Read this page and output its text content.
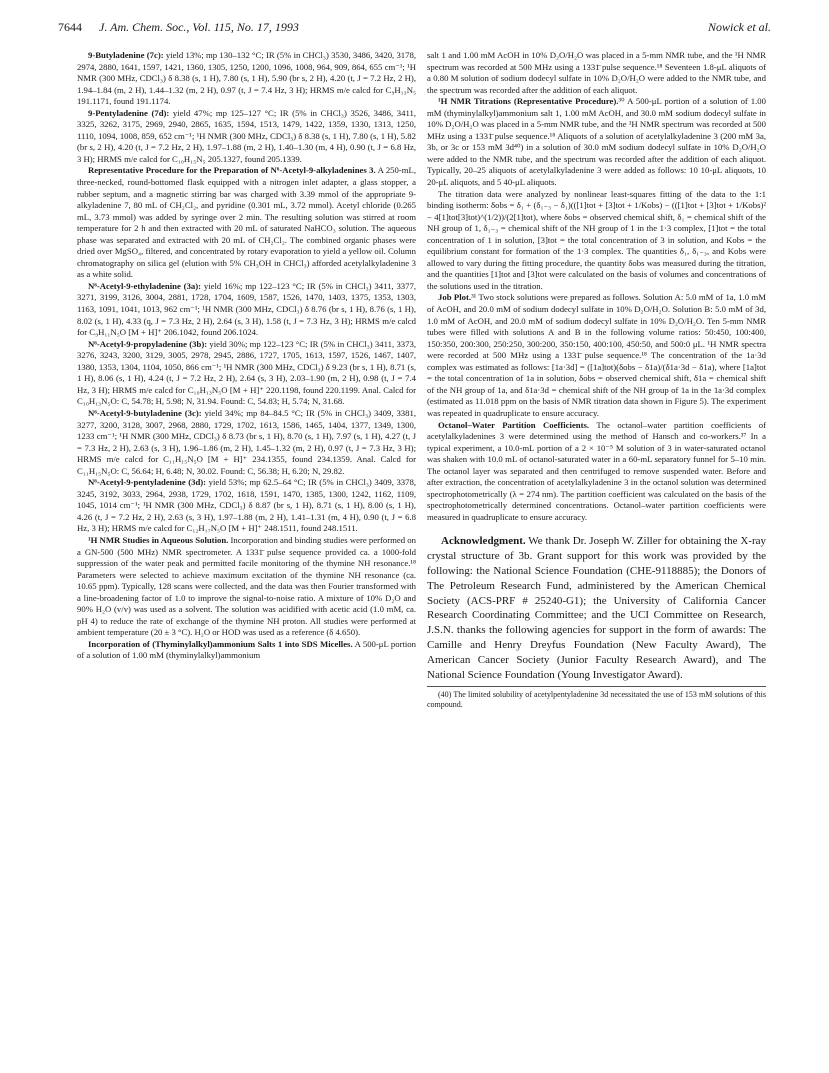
7644 J. Am. Chem. Soc., Vol. 115, No. 17, 1993	Nowick et al.

9-Butyladenine (7c): yield 13%; mp 130–132 °C; IR (5% in CHCl₃) 3530, 3486, 3420, 3178, 2974, 2880, 1641, 1597, 1421, 1360, 1305, 1250, 1200, 1096, 1008, 964, 909, 864, 655 cm⁻¹; ¹H NMR (300 MHz, CDCl₃) δ 8.38 (s, 1 H), 7.80 (s, 1 H), 5.90 (br s, 2 H), 4.20 (t, J = 7.2 Hz, 2 H), 1.94–1.84 (m, 2 H), 1.44–1.32 (m, 2 H), 0.97 (t, J = 7.4 Hz, 3 H); HRMS m/e calcd for C₉H₁₃N₅ 191.1171, found 191.1174.

9-Pentyladenine (7d): yield 47%; mp 125–127 °C; IR (5% in CHCl₃) 3526, 3486, 3411, 3325, 3262, 3175, 2969, 2940, 2865, 1635, 1594, 1513, 1479, 1422, 1359, 1330, 1313, 1250, 1110, 1094, 1008, 859, 652 cm⁻¹; ¹H NMR (300 MHz, CDCl₃) δ 8.38 (s, 1 H), 7.80 (s, 1 H), 5.82 (br s, 2 H), 4.20 (t, J = 7.2 Hz, 2 H), 1.97–1.88 (m, 2 H), 1.40–1.30 (m, 4 H), 0.90 (t, J = 6.8 Hz, 3 H); HRMS m/e calcd for C₁₀H₁₅N₅ 205.1327, found 205.1339.

Representative Procedure for the Preparation of N⁶-Acetyl-9-alkyladenines 3. A 250-mL, three-necked, round-bottomed flask equipped with a nitrogen inlet adapter, a glass stopper, a rubber septum, and a magnetic stirring bar was charged with 3.39 mmol of the appropriate 9-alkyladenine 7, 80 mL of CH₂Cl₂, and pyridine (0.301 mL, 3.72 mmol). Acetyl chloride (0.265 mL, 3.73 mmol) was added by syringe over 2 min. The resulting solution was stirred at room temperature for 2 h and then extracted with 20 mL of saturated NaHCO₃ solution. The aqueous phase was separated and extracted with 20 mL of CH₂Cl₂. The combined organic phases were dried over MgSO₄, filtered, and concentrated by rotary evaporation to yield a yellow oil. Column chromatography on silica gel (elution with 5% CH₃OH in CHCl₃) afforded acetylalkyladenine 3 as a white solid.

N⁶-Acetyl-9-ethyladenine (3a): yield 16%; mp 122–123 °C; IR (5% in CHCl₃) 3411, 3377, 3271, 3199, 3126, 3004, 2881, 1728, 1704, 1609, 1587, 1526, 1470, 1403, 1375, 1353, 1303, 1163, 1091, 1041, 1013, 962 cm⁻¹; ¹H NMR (300 MHz, CDCl₃) δ 8.76 (br s, 1 H), 8.76 (s, 1 H), 8.02 (s, 1 H), 4.33 (q, J = 7.3 Hz, 2 H), 2.64 (s, 3 H), 1.58 (t, J = 7.3 Hz, 3 H); HRMS m/e calcd for C₉H₁₁N₅O [M + H]⁺ 206.1042, found 206.1024.

N⁶-Acetyl-9-propyladenine (3b): yield 30%; mp 122–123 °C; IR (5% in CHCl₃) 3411, 3373, 3276, 3243, 3200, 3129, 3005, 2978, 2945, 2886, 1727, 1705, 1613, 1597, 1526, 1467, 1407, 1380, 1353, 1304, 1104, 1050, 866 cm⁻¹; ¹H NMR (300 MHz, CDCl₃) δ 9.23 (br s, 1 H), 8.71 (s, 1 H), 8.06 (s, 1 H), 4.24 (t, J = 7.2 Hz, 2 H), 2.64 (s, 3 H), 2.03–1.90 (m, 2 H), 0.98 (t, J = 7.4 Hz, 3 H); HRMS m/e calcd for C₁₀H₁₃N₅O [M + H]⁺ 220.1198, found 220.1199. Anal. Calcd for C₁₀H₁₃N₅O: C, 54.78; H, 5.98; N, 31.94. Found: C, 54.83; H, 5.74; N, 31.68.

N⁶-Acetyl-9-butyladenine (3c): yield 34%; mp 84–84.5 °C; IR (5% in CHCl₃) 3409, 3381, 3277, 3200, 3128, 3007, 2968, 2880, 1729, 1702, 1613, 1586, 1465, 1404, 1377, 1349, 1300, 1233 cm⁻¹; ¹H NMR (300 MHz, CDCl₃) δ 8.73 (br s, 1 H), 8.70 (s, 1 H), 7.97 (s, 1 H), 4.27 (t, J = 7.3 Hz, 2 H), 2.63 (s, 3 H), 1.96–1.86 (m, 2 H), 1.45–1.32 (m, 2 H), 0.97 (t, J = 7.3 Hz, 3 H); HRMS m/e calcd for C₁₁H₁₅N₅O [M + H]⁺ 234.1355, found 234.1359. Anal. Calcd for C₁₁H₁₅N₅O: C, 56.64; H, 6.48; N, 30.02. Found: C, 56.38; H, 6.20; N, 29.82.

N⁶-Acetyl-9-pentyladenine (3d): yield 53%; mp 62.5–64 °C; IR (5% in CHCl₃) 3409, 3378, 3245, 3192, 3033, 2964, 2938, 1729, 1702, 1618, 1591, 1470, 1385, 1300, 1242, 1162, 1109, 1045, 1014 cm⁻¹; ¹H NMR (300 MHz, CDCl₃) δ 8.87 (br s, 1 H), 8.71 (s, 1 H), 8.00 (s, 1 H), 4.26 (t, J = 7.2 Hz, 2 H), 2.63 (s, 3 H), 1.97–1.88 (m, 2 H), 1.41–1.31 (m, 4 H), 0.90 (t, J = 6.8 Hz, 3 H); HRMS m/e calcd for C₁₂H₁₇N₅O [M + H]⁺ 248.1511, found 248.1511.

¹H NMR Studies in Aqueous Solution. Incorporation and binding studies were performed on a GN-500 (500 MHz) NMR spectrometer. A 1331̄ pulse sequence provided ca. a 1000-fold suppression of the water peak and permitted facile monitoring of the thymine NH resonance.¹⁸ Parameters were selected to achieve maximum excitation of the thymine NH resonance (ca. 10.65 ppm). Typically, 128 scans were collected, and the data was then Fourier transformed with a line-broadening factor of 1.0 to improve the signal-to-noise ratio. A mixture of 10% D₂O and 90% H₂O (v/v) was used as a solvent. The solution was acidified with acetic acid (1.0 mM, ca. pH 4) to reduce the rate of exchange of the thymine NH proton. All studies were performed at ambient temperature (20 ± 3 °C). H₂O or HOD was used as a reference (δ 4.650).

Incorporation of (Thyminylalkyl)ammonium Salts 1 into SDS Micelles. A 500-μL portion of a solution of 1.00 mM (thyminylalkyl)ammonium

salt 1 and 1.00 mM AcOH in 10% D₂O/H₂O was placed in a 5-mm NMR tube, and the ¹H NMR spectrum was recorded at 500 MHz using a 1331̄ pulse sequence.¹⁸ Seventeen 1.8-μL aliquots of a 0.80 M solution of sodium dodecyl sulfate in 10% D₂O/H₂O were added to the NMR tube, and the spectrum was recorded after the addition of each aliquot.

¹H NMR Titrations (Representative Procedure).³⁰ A 500-μL portion of a solution of 1.00 mM (thyminylalkyl)ammonium salt 1, 1.00 mM AcOH, and 30.0 mM sodium dodecyl sulfate in 10% D₂O/H₂O was placed in a 5-mm NMR tube, and the ¹H NMR spectrum was recorded at 500 MHz using a 1331̄ pulse sequence.¹⁸ Aliquots of a solution of acetylalkyladenine 3 (200 mM 3a, 3b, or 3c or 153 mM 3d⁴⁰) in a solution of 30.0 mM sodium dodecyl sulfate in 10% D₂O/H₂O were added to the NMR tube, and the spectrum was recorded after the addition of each aliquot. Typically, 20–25 aliquots of acetylalkyladenine 3 were added as follows: 10 10-μL aliquots, 10 20-μL aliquots, and 5 40-μL aliquots.

The titration data were analyzed by nonlinear least-squares fitting of the data to the 1:1 binding isotherm: δobs = δ₁ + (δ₁₋₃ − δ₁)(([1]tot + [3]tot + 1/Kobs) − (([1]tot + [3]tot + 1/Kobs)² − 4[1]tot[3]tot)^(1/2))/(2[1]tot), where δobs = observed chemical shift, δ₁ = chemical shift of the NH group of 1, δ₁₋₃ = chemical shift of the NH group of 1 in the 1·3 complex, [1]tot = the total concentration of 1 in solution, [3]tot = the total concentration of 3 in solution, and Kobs = the equilibrium constant for formation of the 1·3 complex. The quantities δ₁, δ₁₋₃, and Kobs were allowed to vary during the fitting procedure, the quantity δobs was measured during the titration, and the quantities [1]tot and [3]tot were calculated on the basis of volumes and concentrations of the solutions used in the titration.

Job Plot.³¹ Two stock solutions were prepared as follows. Solution A: 5.0 mM of 1a, 1.0 mM of AcOH, and 20.0 mM of sodium dodecyl sulfate in 10% D₂O/H₂O. Solution B: 5.0 mM of 3d, 1.0 mM of AcOH, and 20.0 mM of sodium dodecyl sulfate in 10% D₂O/H₂O. Ten 5-mm NMR tubes were filled with solutions A and B in the following volume ratios: 50:450, 100:400, 150:350, 200:300, 250:250, 300:200, 350:150, 400:100, 450:50, and 500:0 μL. ¹H NMR spectra were recorded at 500 MHz using a 1331̄ pulse sequence.¹⁸ The concentration of the 1a·3d complex was estimated as follows: [1a·3d] = ([1a]tot)(δobs − δ1a)/(δ1a·3d − δ1a), where [1a]tot = the total concentration of 1a in solution, δobs = observed chemical shift, δ1a = chemical shift of the NH group of 1a, and δ1a·3d = chemical shift of the NH group of 1a in the 1a·3d complex (estimated as 11.018 ppm on the basis of NMR titration data shown in Figure 5). The experiment was repeated in quadruplicate to ensure accuracy.

Octanol–Water Partition Coefficients. The octanol–water partition coefficients of acetylalkyladenines 3 were determined using the method of Hansch and co-workers.³⁷ In a typical experiment, a 10.0-mL portion of a 2 × 10⁻⁵ M solution of 3 in water-saturated octanol was shaken with 10.0 mL of octanol-saturated water in a 60-mL separatory funnel for 5–10 min. The octanol layer was separated and then centrifuged to remove suspended water. Before and after extraction, the concentration of acetylalkyladenine 3 in the octanol solution was determined spectrophotometrically (λ = 274 nm). The partition coefficient was calculated on the basis of the spectrophotometrically determined concentrations. Octanol–water partition coefficients were measured in quadruplicate to ensure accuracy.

Acknowledgment. We thank Dr. Joseph W. Ziller for obtaining the X-ray crystal structure of 3b. Grant support for this work was provided by the following: the National Science Foundation (CHE-9118885); the Donors of The Petroleum Research Fund, administered by the American Chemical Society (ACS-PRF # 25240-G1); the University of California Cancer Research Coordinating Committee; and the UCI Committee on Research, J.S.N. thanks the following agencies for support in the form of awards: The Camille and Henry Dreyfus Foundation (New Faculty Award), The American Cancer Society (Junior Faculty Research Award), and The National Science Foundation (Young Investigator Award).

(40) The limited solubility of acetylpentyladenine 3d necessitated the use of 153 mM solutions of this compound.
